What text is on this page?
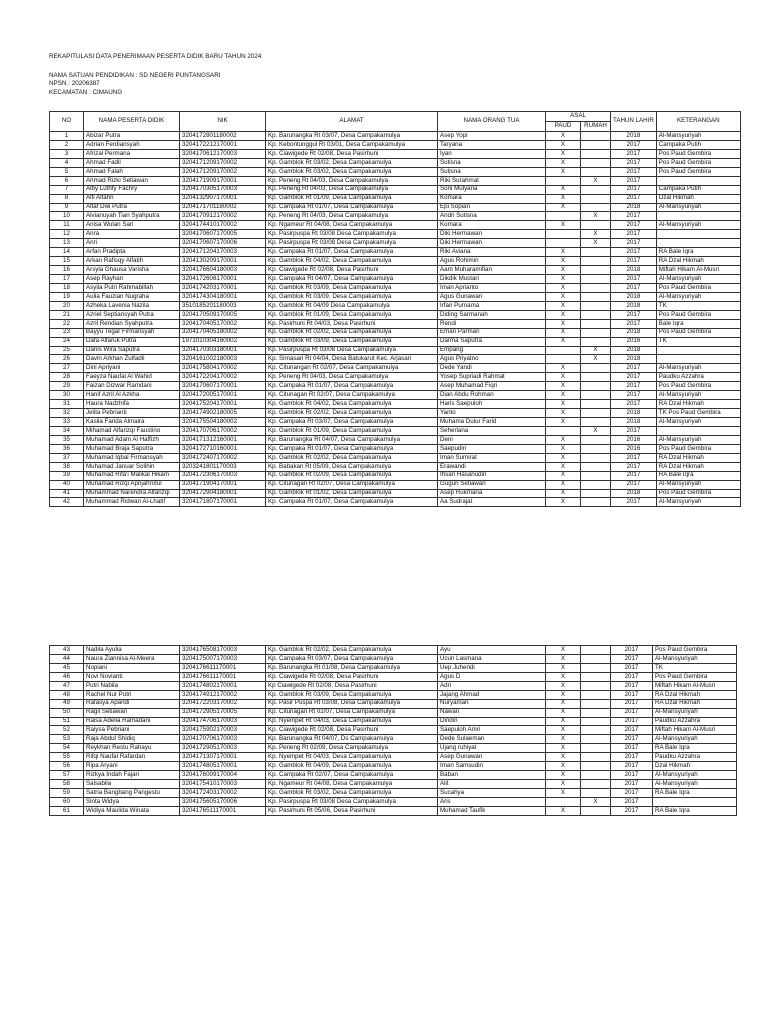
REKAPITULASI DATA PENERIMAAN PESERTA DIDIK BARU TAHUN 2024
NAMA SATUAN PENDIDIKAN : SD NEGERI PUNTANGSARI
NPSN : 20206387
KECAMATAN : CIMAUNG
NO	NAMA PESERTA DIDIK	NIK	ALAMAT	NAMA ORANG TUA	ASAL		TAHUN LAHIR	KETERANGAN
					PAUD	RUMAH		
1	Abizar Putra	3204172801180002	Kp. Barunangka Rt 03/07, Desa Campakamulya	Asep Yopi	X		2018	Al-Mansyuriyah
2	Adrian Ferdiansyah	3204172212170001	Kp. Kebontunggul Rt 03/01, Desa Campakamulya	Taryana	X		2017	Campaka Putih
3	Afrizal Permana	3204170612170003	Kp. Ciawigede Rt 02/08, Desa Pasirhuni	Iyan	X		2017	Pos Paud Gembira
4	Ahmad Fadil	3204171209170002	Kp. Gamblok Rt 03/02, Desa Campakamulya	Sutisna	X		2017	Pos Paud Gembira
5	Ahmad Falah	3204171209170002	Kp. Gamblok Rt 03/02, Desa Campakamulya	Sutisna	X		2017	Pos Paud Gembira
6	Ahmad Rizki Setiawan	3204171909170001	Kp. Peneng Rt 04/03, Desa Campakamulya	Riki Surahmat		X	2017	
7	Alby Luthfy Fachry	3204170305170003	Kp. Peneng Rt 04/03, Desa Campakamulya	Soni Mulyana	X		2017	Campaka Putih
8	Alfi Alfahri	3204132907170001	Kp. Gamblok Rt 01/09, Desa Campakamulya	Komara	X		2017	Dzal Hikmah
9	Altaf Dwi Putra	3204171701180002	Kp. Campaka Rt 01/07, Desa Campakamulya	Epi Sopian	X		2018	Al-Mansyuriyah
10	Alvianuyah Tian Syahputra	3204170912170002	Kp. Peneng Rt 04/03, Desa Campakamulya	Andri Sutisna		X	2017	
11	Anisa Wulan Sari	3204174410170002	Kp. Ngameur Rt 04/08, Desa Campakamulya	Komara	X		2017	Al-Mansyuriyah
12	Anra	3204170607170005	Kp. Pasirpuspa Rt 03/08 Desa Campakamulya	Diki Hermawan		X	2017	
13	Anri	3204170607170006	Kp. Pasirpuspa Rt 03/08 Desa Campakamulya	Diki Hermawan		X	2017	
14	Arfan Pradipta	3204171204170003	Kp. Campaka Rt 01/07, Desa Campakamulya	Riki Aviana	X		2017	RA Bale Iqra
15	Arkan Rafisqy Alfatih	3204130209170001	Kp. Gamblok Rt 04/02, Desa Campakamulya	Agus Rohimin	X		2017	RA Dzal Hikmah
16	Arsyla Ghausa Varisha	3204176604180003	Kp. Ciawigede Rt 02/08, Desa Pasirhuni	Aam Muharamifian	X		2018	Miftah Hikam Al-Musri
17	Asep Rayhan	3204172608170001	Kp. Campaka Rt 04/07, Desa Campakamulya	Dikdik Mustari	X		2017	Al-Mansyuriyah
18	Asyila Putri Rahmabillah	3204174203170001	Kp. Gamblok Rt 03/09, Desa Campakamulya	Iman Aprianto	X		2017	Pos Paud Gembira
19	Aulia Fauzian Nugraha	3204174304180001	Kp. Gamblok Rt 03/09, Desa Campakamulya	Agus Gunawan	X		2018	Al-Mansyuriyah
20	Azheka Lavenia Nazila	3510185201180003	Kp. Gamblok Rt 04/09 Desa Campakamulya	Irfan Purnama	X		2018	TK
21	Azriel Septiansyah Putra	3204170509170005	Kp. Gamblok Rt 01/09, Desa Campakamulya	Diding Sarmanah	X		2017	Pos Paud Gembira
22	Azril Rendian Syahputra	3204170405170002	Kp. Pasirhuni Rt 04/03, Desa Pasirhuni	Rendi	X		2017	Bale Iqra
23	Bayyu Tegar Firmansyah	3204170405180002	Kp. Gamblok Rt 02/02, Desa Campakamulya	Eman Parman	X		2018	Pos Paud Gembira
24	Dafa Alfaruk Putra	1971010304160002	Kp. Gamblok Rt 03/09, Desa Campakamulya	Darma Saputra	X		2016	TK
25	Danis Wira Saputra	3204170303180001	Kp. Pasirpuspa Rt 03/08 Desa Campakamulya	Empang		X	2018	
26	Davin Arkhan Zulfadli	3204161002180003	Kp. Sirnasari Rt 04/04, Desa Batukarut Kec. Arjasari	Agus Priyatno		X	2018	
27	Dini Apriyani	3204175804170002	Kp. Citunangan Rt 02/07, Desa Campakamulya	Dede Yandi	X		2017	Al-Mansyuriyah
28	Faeyza Naufal Al Wahid	3204172204170002	Kp. Peneng Rt 04/03, Desa Campakamulya	Yosep Supriadi Rahmat	X		2017	Paudku Azzahra
29	Faizan Dizwar Ramdani	3204170607170001	Kp. Campaka Rt 01/07, Desa Campakamulya	Asep Muhamad Fiqri	X		2017	Pos Paud Gembira
30	Hanif Azril Al Azkha	3204172005170001	Kp. Citunagan Rt 02/07, Desa Campakamulya	Dian Abdu Rohman	X		2017	Al-Mansyuriyah
31	Haura Nadzhifa	3204175204170001	Kp. Gamblok Rt 04/02, Desa Campakamulya	Haris Saepuloh	X		2017	RA Dzal Hikmah
32	Jelita Pebrianti	3204174902180005	Kp. Gamblok Rt 02/02, Desa Campakamulya	Yanto	X		2018	TK Pos Paud Gembira
33	Kasila Farida Almaira	3204175504180002	Kp. Campaka Rt 03/07, Desa Campakamulya	Muhama Dulur Farid	X		2018	Al-Mansyuriyah
34	Mihamad Alfarizqi Faustino	3204170706170002	Kp. Gamblok Rt 01/09, Desa Campakamulya	Seherlana		X	2017	
35	Muhamad Adam Al Haffizh	3204171312160001	Kp. Barunangka Rt 04/07, Desa Campakamulya	Deni	X		2016	Al-Mansyuriyah
36	Muhamad Braja Saputra	3204172710160001	Kp. Campaka Rt 01/07, Desa Campakamulya	Saepudin	X		2016	Pos Paud Gembira
37	Muhamad Iqbal Firmansyah	3204172407170002	Kp. Gamblok Rt 02/02, Desa Campakamulya	Iman Sumirat	X		2017	RA Dzal Hikmah
38	Muhamad Januar Solihin	3203241801170003	Kp. Babakan Rt 05/09, Desa Campakamulya	Erawandi	X		2017	RA Dzal Hikmah
39	Muhamad Rifa'i Malikal Hikam	3204172306170003	Kp. Gamblok Rt 02/09, Desa Campakamulya	Ihsan Hasanudin	X		2017	RA Bale Iqra
40	Muhamad Rizqi Aprijahrotul	3204171904170001	Kp. Citunagan Rt 02/07, Desa Campakamulya	Gugun Setiawan	X		2017	Al-Mansyuriyah
41	Muhammad Narendra Alfarizqi	3204172904180001	Kp. Gamblok Rt 01/02, Desa Campakamulya	Asep Rukmana	X		2018	Pos Paud Gembira
42	Muhammad Ridwan Al-Lhatif	3204171807170001	Kp. Campaka Rt 01/07, Desa Campakamulya	Aa Sudrajat	X		2017	Al-Mansyuriyah
43	Nadila Ayulia	3204176508170003	Kp. Gamblok Rt 02/02, Desa Campakamulya	Ayu	X		2017	Pos Paud Gembira
44	Naura Ziannisa Al-Meera	3204175007170003	Kp. Campaka Rt 03/07, Desa Campakamulya	Ucun Lasmana	X		2017	Al-Mansyuriyah
45	Nopiani	3204176611170001	Kp. Barunangka Rt 01/08, Desa Campakamulya	Uep Juhendi	X		2017	TK
46	Novi Novianti	3204176611170001	Kp. Ciawigede Rt 02/08, Desa Pasirhuni	Agus D	X		2017	Pos Paud Gembira
47	Putri Nabila	3204174802170001	Kp Ciawigede Rt 02/08, Desa Pasirhuni	Adri	X		2017	Miftah Hikam Al-Musri
48	Rachel Nur Putri	3204174912170002	Kp. Gamblok Rt 03/09, Desa Campakamulya	Jajang Ahmad	X		2017	RA Dzal Hikmah
49	Rafasya Apandi	3204172203170002	Kp. Pasir Puspa Rt 03/08, Desa Campakamulya	Nuryaman	X		2017	RA Dzal Hikmah
50	Ragil Setiawan	3204172905170005	Kp. Citunagan Rt 02/07, Desa Campakamulya	Nawan	X		2017	Al-Mansyuriyah
51	Raisa Adelia Ramadani	3204174706170003	Kp. Nyempet Rt 04/03, Desa Campakamulya	Dindin	X		2017	Paudku Azzahra
52	Raiysa Pebriani	3204175902170003	Kp. Ciawigede Rt 02/08, Desa Pasirhuni	Saepuloh Amri	X		2017	Miftah Hikam Al-Musri
53	Raja Abdul Shidiq	3204170706170003	Kp. Barunangka Rt 04/07, Ds Campakamulya	Dede Sulaeman	X		2017	Al-Mansyuriyah
54	Reykhan Restu Rahayu	3204172905170003	Kp. Peneng Rt 02/09, Desa Campakamulya	Ujang ruhiyat	X		2017	RA Bale Iqra
55	Rifqi Naufal Rafardan	3204171307170001	Kp. Nyempet Rt 04/03, Desa Campakamulya	Asep Gunawan	X		2017	Paudku Azzahra
56	Ripa Aryani	3204174805170001	Kp. Gamblok Rt 04/09, Desa Campakamulya	Iman Samsudin	X		2017	Dzal Hikmah
57	Rizkya Indah Fajari	3204176009170004	Kp. Campaka Rt 02/07, Desa Campakamulya	Baban	X		2017	Al-Mansyuriyah
58	Salsabila	3204175410170003	Kp. Ngameur Rt 04/08, Desa Campakamulya	Alit	X		2017	Al-Mansyuriyah
59	Satria Bangbang Pangestu	3204172403170002	Kp. Gamblok Rt 03/02, Desa Campakamulya	Sucahya	X		2017	RA Bale Iqra
60	Sinta Widya	3204175605170006	Kp. Pasirpuspa Rt 03/08 Desa Campakamulya	Aris		X	2017	
61	Widiya Maulida Winata	3204176511170001	Kp. Pasirhuni Rt 05/06, Desa Pasirhuni	Muhamad Taufik	X		2017	RA Bale Iqra
